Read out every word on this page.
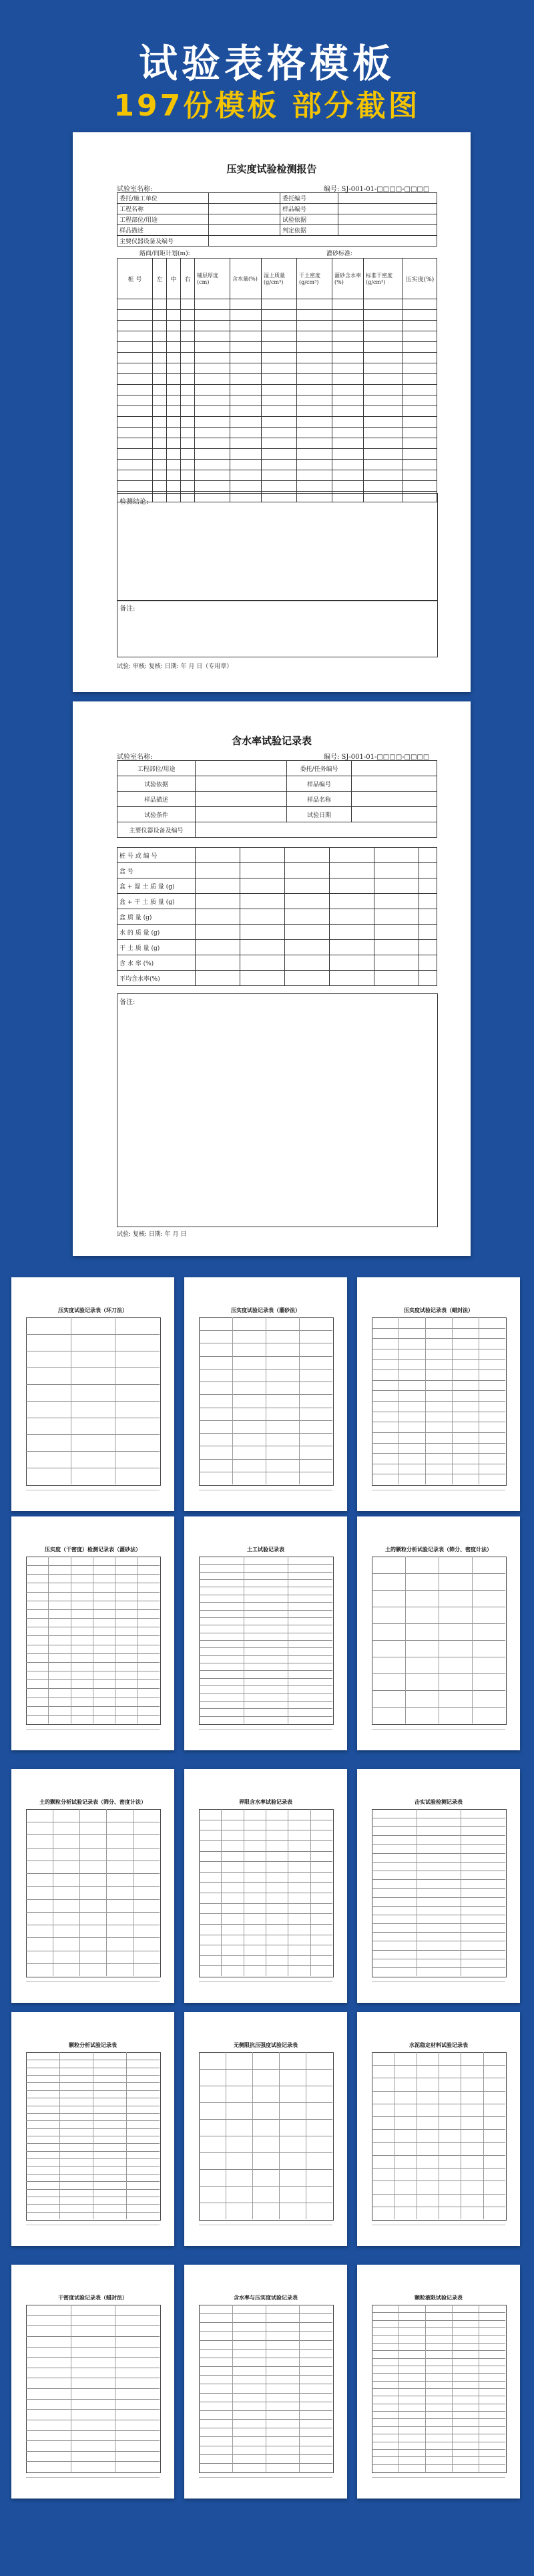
试验表格模板
197份模板 部分截图
压实度试验检测报告
试验室名称:	编号: SJ-001-01-□□□□-□□□□
委托/施工单位		委托编号	
工程名称		样品编号	
工程部位/用途		试验依据	
样品描述		判定依据	
主要仪器设备及编号			
路面/间距计划(m):	灌砂标准:
桩 号	左	中	右	铺层厚度(cm)	含水量(%)	湿土质量(g/cm³)	干土密度(g/cm³)	灌砂含水率(%)	标准干密度(g/cm³)	压实度(%)

检测结论:
备注:
试验: 审核: 复核: 日期: 年 月 日（专用章）
含水率试验记录表
试验室名称:	编号: SJ-001-01-□□□□-□□□□
工程部位/用途		委托/任务编号	
试验依据		样品编号	
样品描述		样品名称	
试验条件		试验日期	
主要仪器设备及编号			
桩 号 或 编 号						
盒 号						
盒 + 湿 土 质 量 (g)						
盒 + 干 土 质 量 (g)						
盒 质 量 (g)						
水 的 质 量 (g)						
干 土 质 量 (g)						
含 水 率 (%)						
平均含水率(%)						
备注:
试验: 复核: 日期: 年 月 日
压实度试验记录表（环刀法）	压实度试验记录表（灌砂法）	压实度试验记录表（蜡封法）
压实度（干密度）检测记录表（灌砂法）	土工试验记录表	土的颗粒分析试验记录表（筛分、密度计法）
土的颗粒分析试验记录表（筛分、密度计法）	界限含水率试验记录表	击实试验检测记录表
颗粒分析试验记录表	无侧限抗压强度试验记录表	水泥稳定材料试验记录表
干密度试验记录表（蜡封法）	含水率与压实度试验记录表	颗粒液限试验记录表
